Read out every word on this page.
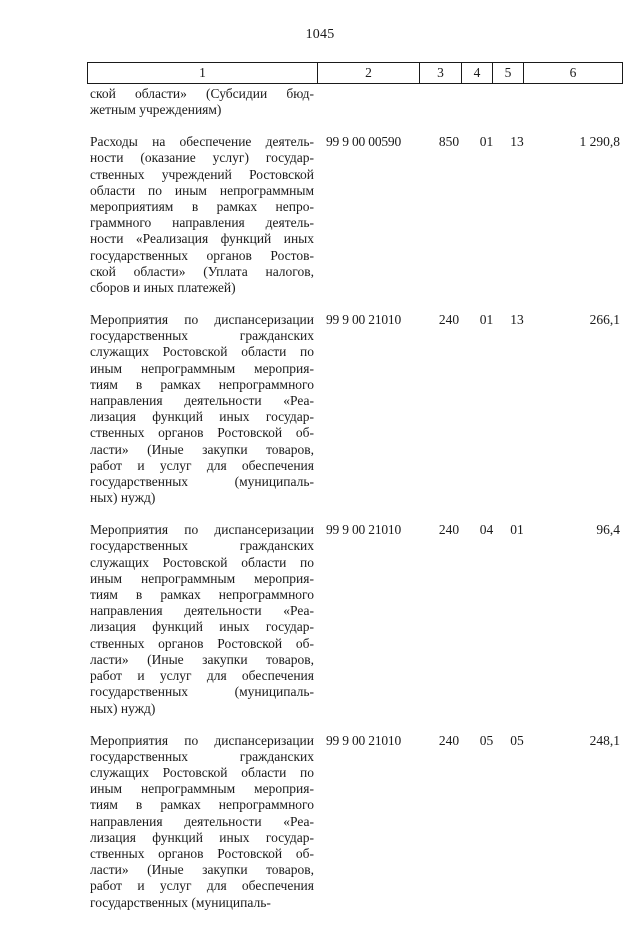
1045
1	2	3	4	5	6
ской области» (Субсидии бюд-
жетным учреждениям)
Расходы на обеспечение деятель-
ности (оказание услуг) государ-
ственных учреждений Ростовской
области по иным непрограммным
мероприятиям в рамках непро-
граммного направления деятель-
ности «Реализация функций иных
государственных органов Ростов-
ской области» (Уплата налогов,
сборов и иных платежей)
99 9 00 00590	850	01	13	1 290,8
Мероприятия по диспансеризации
государственных гражданских
служащих Ростовской области по
иным непрограммным мероприя-
тиям в рамках непрограммного
направления деятельности «Реа-
лизация функций иных государ-
ственных органов Ростовской об-
ласти» (Иные закупки товаров,
работ и услуг для обеспечения
государственных (муниципаль-
ных) нужд)
99 9 00 21010	240	01	13	266,1
Мероприятия по диспансеризации
государственных гражданских
служащих Ростовской области по
иным непрограммным мероприя-
тиям в рамках непрограммного
направления деятельности «Реа-
лизация функций иных государ-
ственных органов Ростовской об-
ласти» (Иные закупки товаров,
работ и услуг для обеспечения
государственных (муниципаль-
ных) нужд)
99 9 00 21010	240	04	01	96,4
Мероприятия по диспансеризации
государственных гражданских
служащих Ростовской области по
иным непрограммным мероприя-
тиям в рамках непрограммного
направления деятельности «Реа-
лизация функций иных государ-
ственных органов Ростовской об-
ласти» (Иные закупки товаров,
работ и услуг для обеспечения
государственных (муниципаль-
99 9 00 21010	240	05	05	248,1
